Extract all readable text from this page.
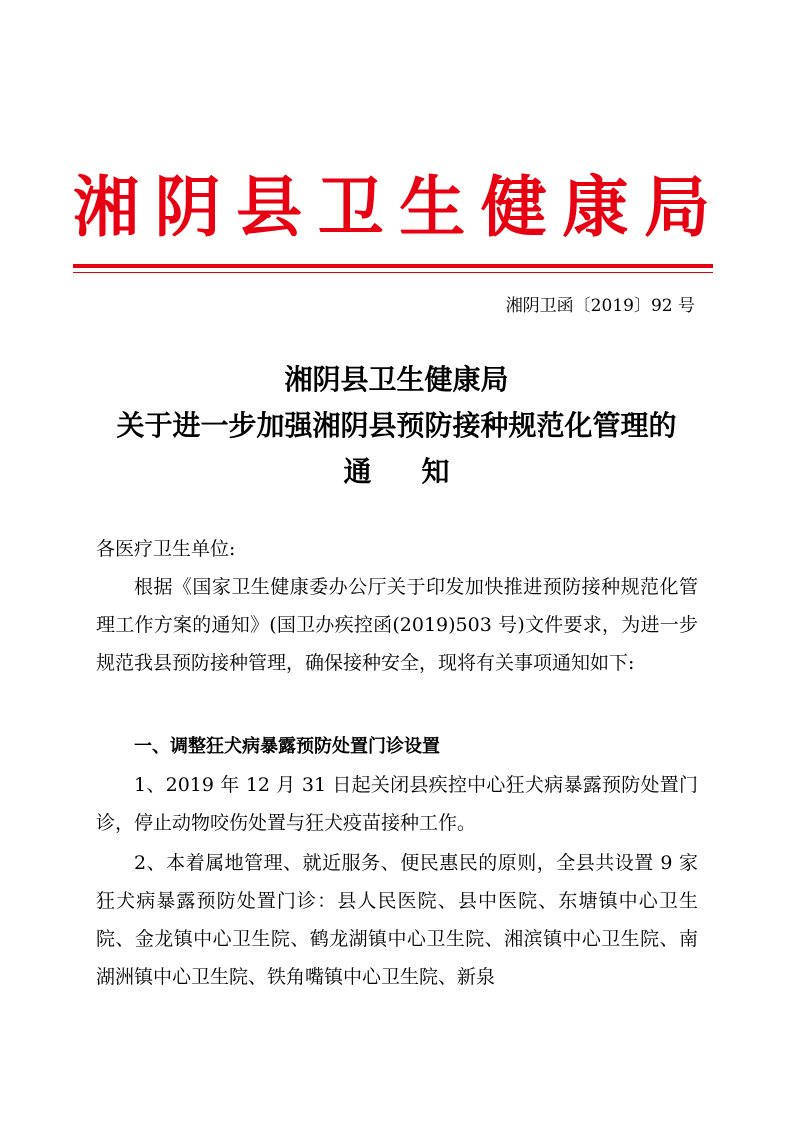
湘阴县卫生健康局
湘阴卫函〔2019〕92 号
湘阴县卫生健康局
关于进一步加强湘阴县预防接种规范化管理的
通知
各医疗卫生单位:

根据《国家卫生健康委办公厅关于印发加快推进预防接种规范化管理工作方案的通知》(国卫办疾控函(2019)503 号)文件要求，为进一步规范我县预防接种管理，确保接种安全，现将有关事项通知如下:

一、调整狂犬病暴露预防处置门诊设置

1、2019 年 12 月 31 日起关闭县疾控中心狂犬病暴露预防处置门诊，停止动物咬伤处置与狂犬疫苗接种工作。

2、本着属地管理、就近服务、便民惠民的原则，全县共设置 9 家狂犬病暴露预防处置门诊：县人民医院、县中医院、东塘镇中心卫生院、金龙镇中心卫生院、鹤龙湖镇中心卫生院、湘滨镇中心卫生院、南湖洲镇中心卫生院、铁角嘴镇中心卫生院、新泉
